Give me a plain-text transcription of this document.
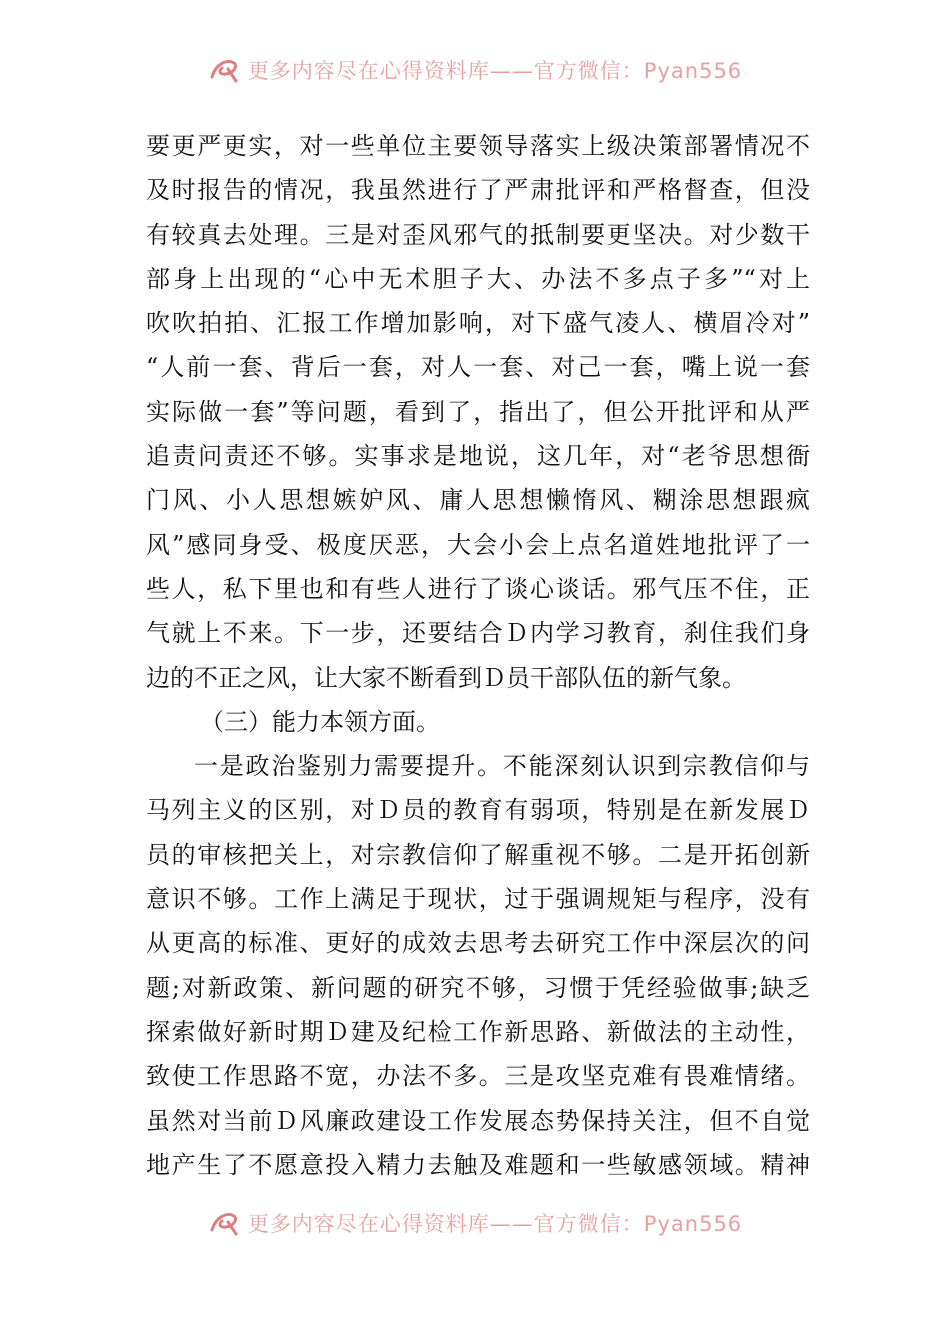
更多内容尽在心得资料库——官方微信：Pyan556
要更严更实，对一些单位主要领导落实上级决策部署情况不
及时报告的情况，我虽然进行了严肃批评和严格督查，但没
有较真去处理。三是对歪风邪气的抵制要更坚决。对少数干
部身上出现的“心中无术胆子大、办法不多点子多”“对上
吹吹拍拍、汇报工作增加影响，对下盛气凌人、横眉冷对”
“人前一套、背后一套，对人一套、对己一套，嘴上说一套
实际做一套”等问题，看到了，指出了，但公开批评和从严
追责问责还不够。实事求是地说，这几年，对“老爷思想衙
门风、小人思想嫉妒风、庸人思想懒惰风、糊涂思想跟疯
风”感同身受、极度厌恶，大会小会上点名道姓地批评了一
些人，私下里也和有些人进行了谈心谈话。邪气压不住，正
气就上不来。下一步，还要结合Ｄ内学习教育，刹住我们身
边的不正之风，让大家不断看到Ｄ员干部队伍的新气象。
（三）能力本领方面。
一是政治鉴别力需要提升。不能深刻认识到宗教信仰与
马列主义的区别，对Ｄ员的教育有弱项，特别是在新发展Ｄ
员的审核把关上，对宗教信仰了解重视不够。二是开拓创新
意识不够。工作上满足于现状，过于强调规矩与程序，没有
从更高的标准、更好的成效去思考去研究工作中深层次的问
题;对新政策、新问题的研究不够，习惯于凭经验做事;缺乏
探索做好新时期Ｄ建及纪检工作新思路、新做法的主动性，
致使工作思路不宽，办法不多。三是攻坚克难有畏难情绪。
虽然对当前Ｄ风廉政建设工作发展态势保持关注，但不自觉
地产生了不愿意投入精力去触及难题和一些敏感领域。精神
更多内容尽在心得资料库——官方微信：Pyan556
